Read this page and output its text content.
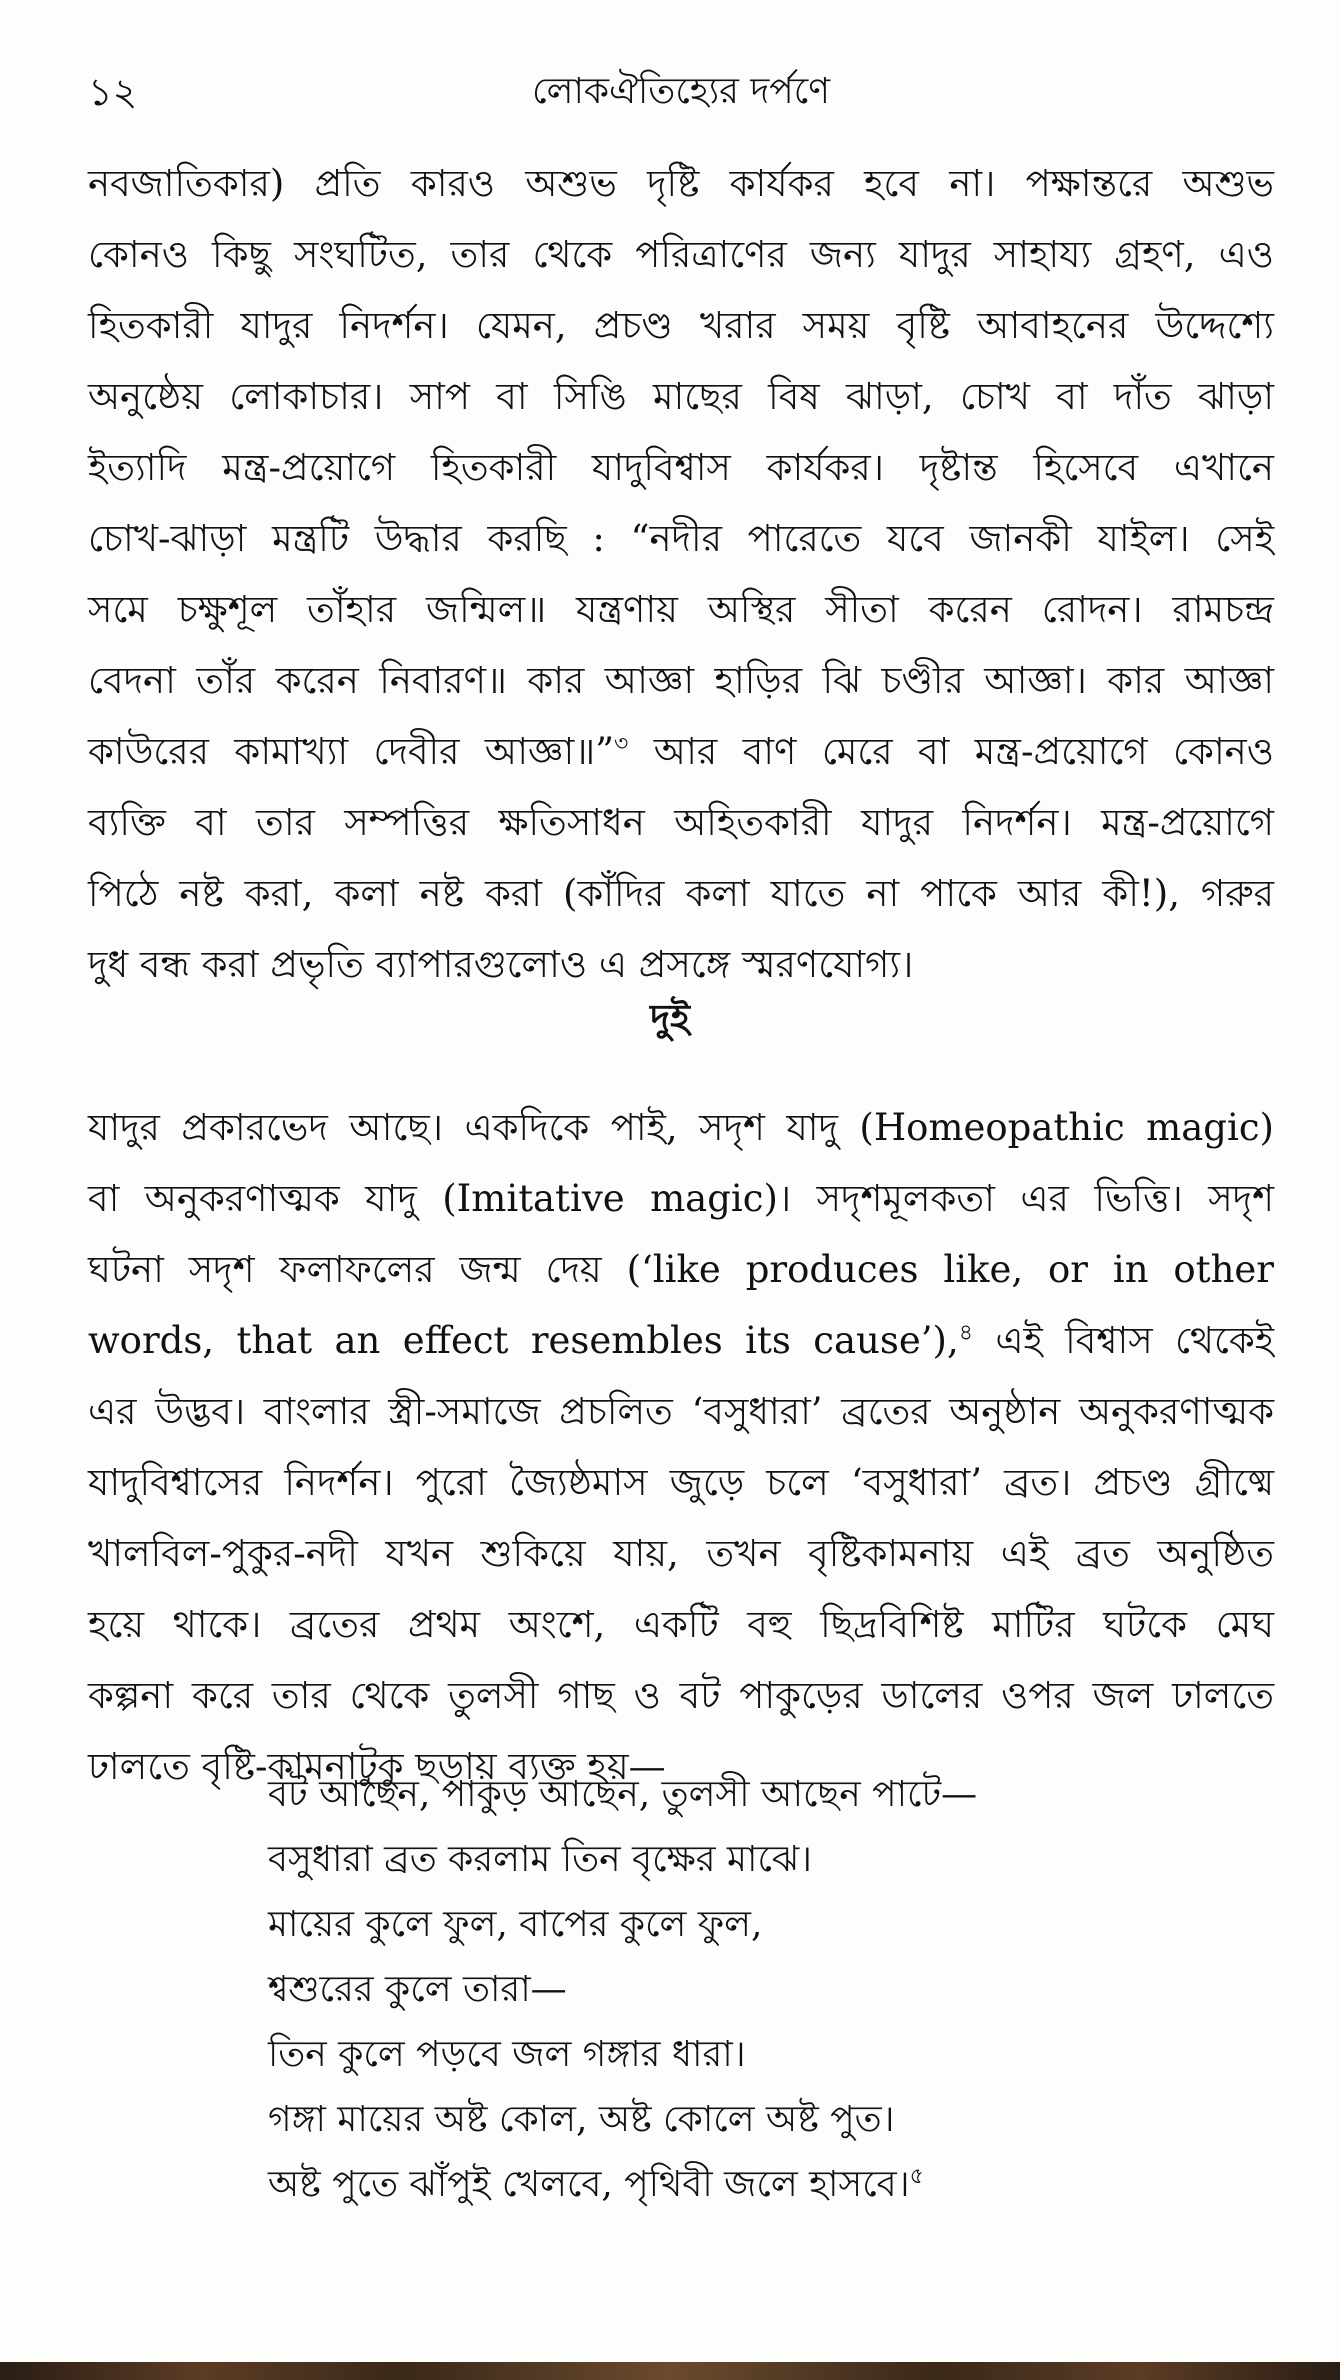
১২	লোকঐতিহ্যের দর্পণে

নবজাতিকার) প্রতি কারও অশুভ দৃষ্টি কার্যকর হবে না। পক্ষান্তরে অশুভ
কোনও কিছু সংঘটিত, তার থেকে পরিত্রাণের জন্য যাদুর সাহায্য গ্রহণ, এও
হিতকারী যাদুর নিদর্শন। যেমন, প্রচণ্ড খরার সময় বৃষ্টি আবাহনের উদ্দেশ্যে
অনুষ্ঠেয় লোকাচার। সাপ বা সিঙি মাছের বিষ ঝাড়া, চোখ বা দাঁত ঝাড়া
ইত্যাদি মন্ত্র-প্রয়োগে হিতকারী যাদুবিশ্বাস কার্যকর। দৃষ্টান্ত হিসেবে এখানে
চোখ-ঝাড়া মন্ত্রটি উদ্ধার করছি : “নদীর পারেতে যবে জানকী যাইল। সেই
সমে চক্ষুশূল তাঁহার জন্মিল॥ যন্ত্রণায় অস্থির সীতা করেন রোদন। রামচন্দ্র
বেদনা তাঁর করেন নিবারণ॥ কার আজ্ঞা হাড়ির ঝি চণ্ডীর আজ্ঞা। কার আজ্ঞা
কাউরের কামাখ্যা দেবীর আজ্ঞা॥”$^৩$ আর বাণ মেরে বা মন্ত্র-প্রয়োগে কোনও
ব্যক্তি বা তার সম্পত্তির ক্ষতিসাধন অহিতকারী যাদুর নিদর্শন। মন্ত্র-প্রয়োগে
পিঠে নষ্ট করা, কলা নষ্ট করা (কাঁদির কলা যাতে না পাকে আর কী!), গরুর
দুধ বন্ধ করা প্রভৃতি ব্যাপারগুলোও এ প্রসঙ্গে স্মরণযোগ্য।

দুই

যাদুর প্রকারভেদ আছে। একদিকে পাই, সদৃশ যাদু (Homeopathic magic)
বা অনুকরণাত্মক যাদু (Imitative magic)। সদৃশমূলকতা এর ভিত্তি। সদৃশ
ঘটনা সদৃশ ফলাফলের জন্ম দেয় (‘like produces like, or in other
words, that an effect resembles its cause’),$^৪$ এই বিশ্বাস থেকেই
এর উদ্ভব। বাংলার স্ত্রী-সমাজে প্রচলিত ‘বসুধারা’ ব্রতের অনুষ্ঠান অনুকরণাত্মক
যাদুবিশ্বাসের নিদর্শন। পুরো জ্যৈষ্ঠমাস জুড়ে চলে ‘বসুধারা’ ব্রত। প্রচণ্ড গ্রীষ্মে
খালবিল-পুকুর-নদী যখন শুকিয়ে যায়, তখন বৃষ্টিকামনায় এই ব্রত অনুষ্ঠিত
হয়ে থাকে। ব্রতের প্রথম অংশে, একটি বহু ছিদ্রবিশিষ্ট মাটির ঘটকে মেঘ
কল্পনা করে তার থেকে তুলসী গাছ ও বট পাকুড়ের ডালের ওপর জল ঢালতে
ঢালতে বৃষ্টি-কামনাটুকু ছড়ায় ব্যক্ত হয়—

বট আছেন, পাকুড় আছেন, তুলসী আছেন পাটে—
বসুধারা ব্রত করলাম তিন বৃক্ষের মাঝে।
মায়ের কুলে ফুল, বাপের কুলে ফুল,
শ্বশুরের কুলে তারা—
তিন কুলে পড়বে জল গঙ্গার ধারা।
গঙ্গা মায়ের অষ্ট কোল, অষ্ট কোলে অষ্ট পুত।
অষ্ট পুতে ঝাঁপুই খেলবে, পৃথিবী জলে হাসবে।$^৫$
